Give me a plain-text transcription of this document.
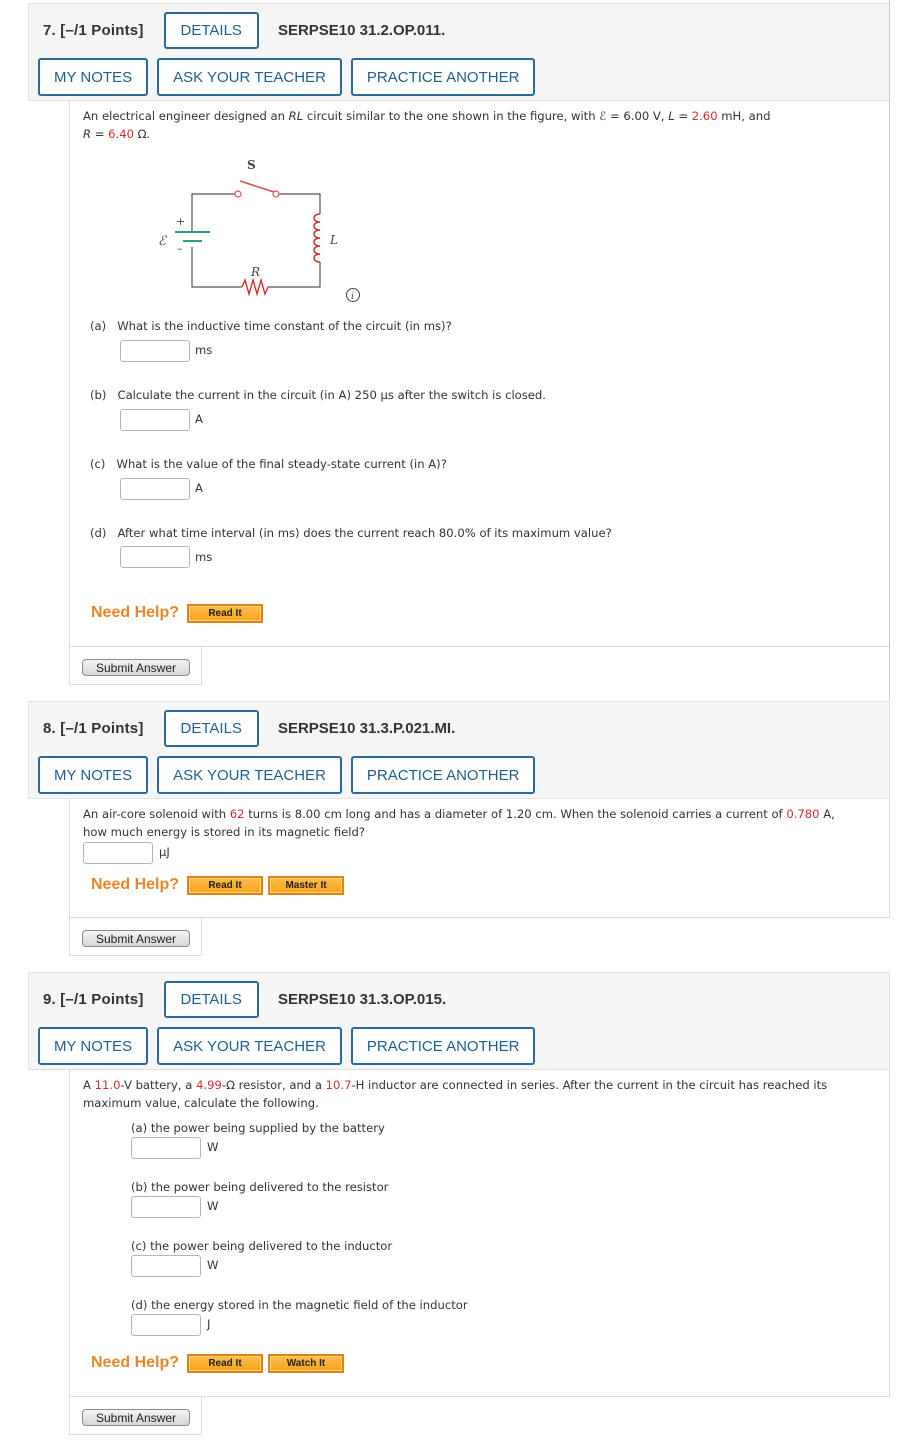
7. [–/1 Points]	DETAILS	SERPSE10 31.2.OP.011.
MY NOTES	ASK YOUR TEACHER	PRACTICE ANOTHER
An electrical engineer designed an RL circuit similar to the one shown in the figure, with ℰ = 6.00 V, L = 2.60 mH, and
R = 6.40 Ω.
S
+
–
ℰ	L
R
i
(a) What is the inductive time constant of the circuit (in ms)?
ms
(b) Calculate the current in the circuit (in A) 250 μs after the switch is closed.
A
(c) What is the value of the final steady-state current (in A)?
A
(d) After what time interval (in ms) does the current reach 80.0% of its maximum value?
ms
Need Help?	Read It
Submit Answer
8. [–/1 Points]	DETAILS	SERPSE10 31.3.P.021.MI.
MY NOTES	ASK YOUR TEACHER	PRACTICE ANOTHER
An air-core solenoid with 62 turns is 8.00 cm long and has a diameter of 1.20 cm. When the solenoid carries a current of 0.780 A,
how much energy is stored in its magnetic field?
μJ
Need Help?	Read It	Master It
Submit Answer
9. [–/1 Points]	DETAILS	SERPSE10 31.3.OP.015.
MY NOTES	ASK YOUR TEACHER	PRACTICE ANOTHER
A 11.0-V battery, a 4.99-Ω resistor, and a 10.7-H inductor are connected in series. After the current in the circuit has reached its
maximum value, calculate the following.
(a) the power being supplied by the battery
W
(b) the power being delivered to the resistor
W
(c) the power being delivered to the inductor
W
(d) the energy stored in the magnetic field of the inductor
J
Need Help?	Read It	Watch It
Submit Answer
